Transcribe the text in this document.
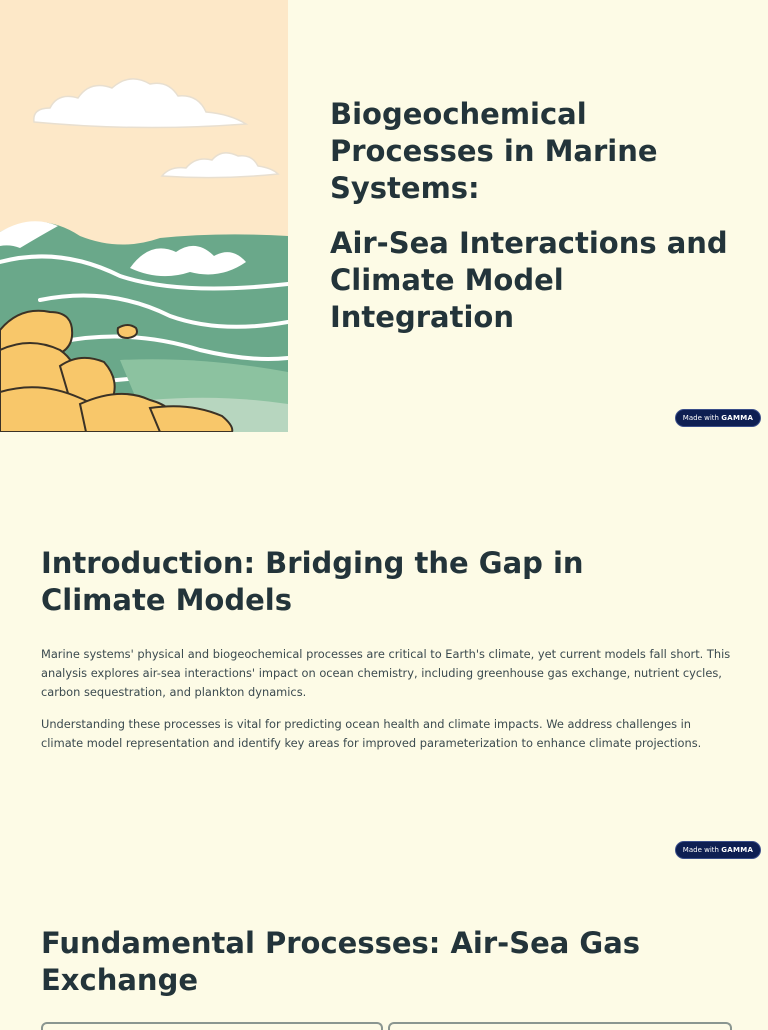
Biogeochemical Processes in Marine Systems:
Air-Sea Interactions and Climate Model Integration
Made with GAMMA
Introduction: Bridging the Gap in Climate Models

Marine systems' physical and biogeochemical processes are critical to Earth's climate, yet current models fall short. This analysis explores air-sea interactions' impact on ocean chemistry, including greenhouse gas exchange, nutrient cycles, carbon sequestration, and plankton dynamics.

Understanding these processes is vital for predicting ocean health and climate impacts. We address challenges in climate model representation and identify key areas for improved parameterization to enhance climate projections.

Made with GAMMA
Fundamental Processes: Air-Sea Gas Exchange
